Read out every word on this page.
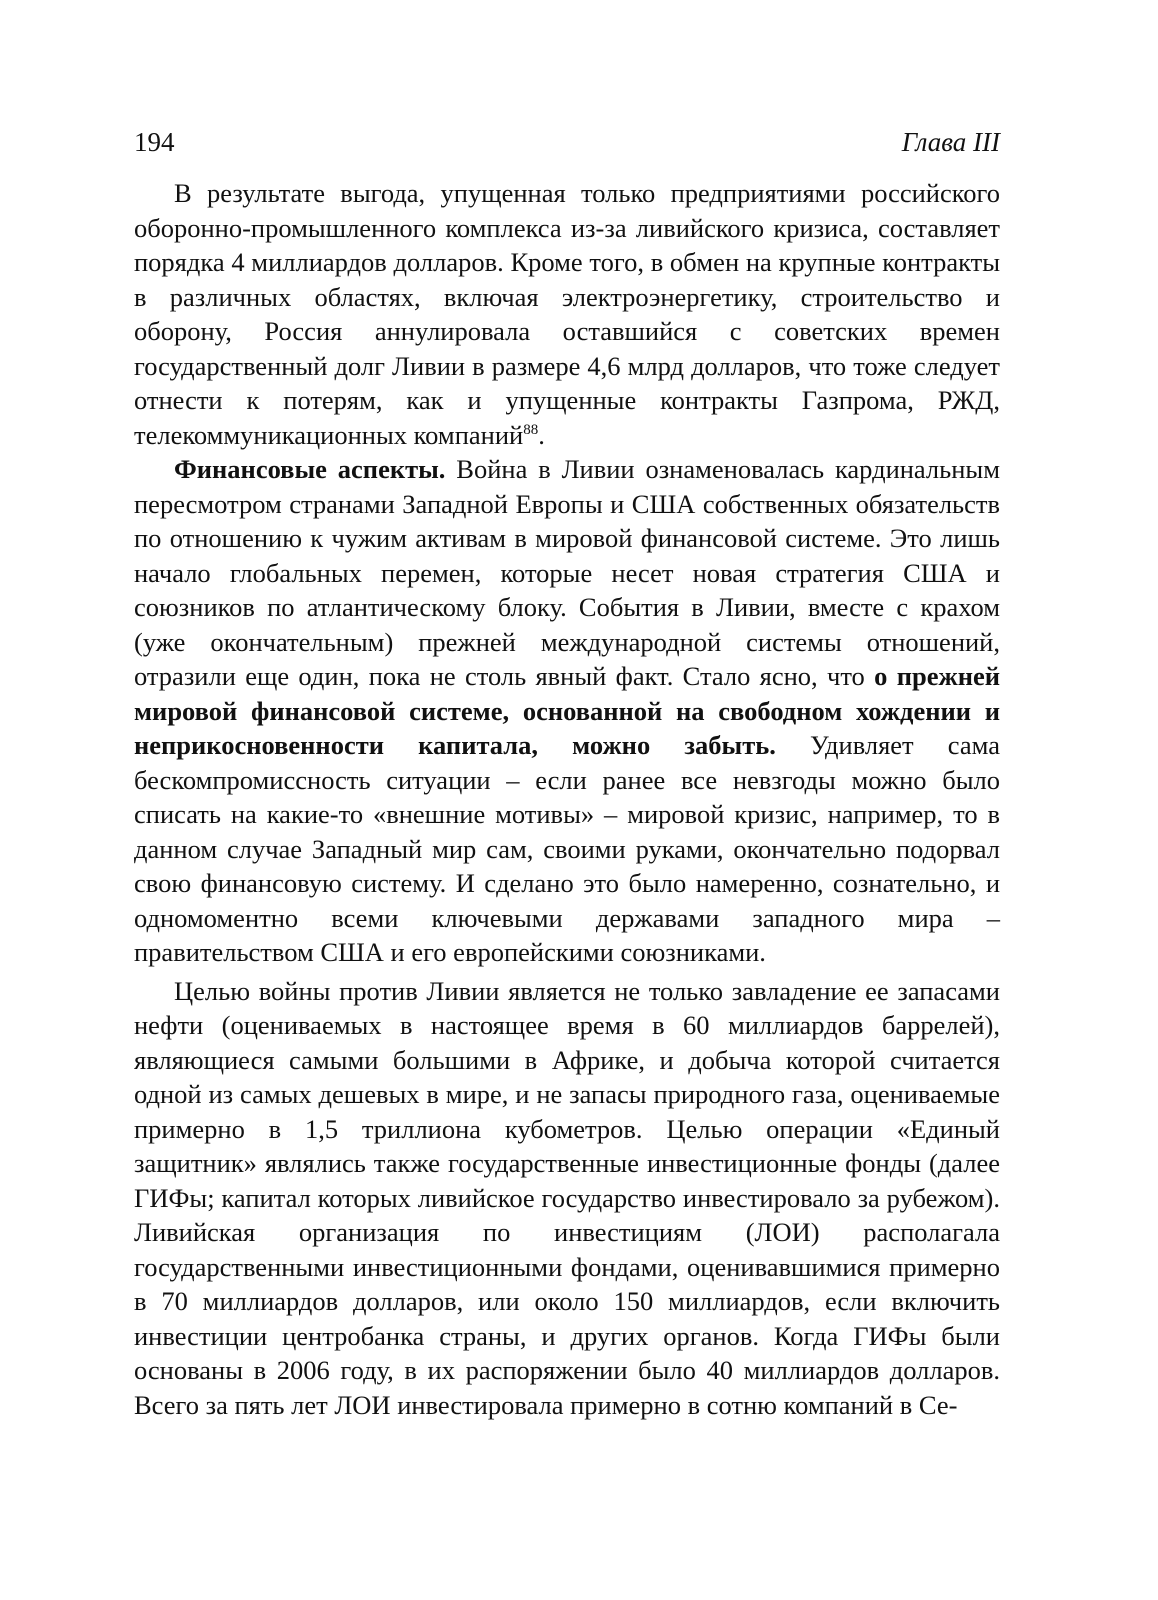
194	Глава III

В результате выгода, упущенная только предприятиями российского оборонно-промышленного комплекса из-за ливийского кризиса, составляет порядка 4 миллиардов долларов. Кроме того, в обмен на крупные контракты в различных областях, включая электроэнергетику, строительство и оборону, Россия аннулировала оставшийся с советских времен государственный долг Ливии в размере 4,6 млрд долларов, что тоже следует отнести к потерям, как и упущенные контракты Газпрома, РЖД, телекоммуникационных компаний$^{88}$.

Финансовые аспекты. Война в Ливии ознаменовалась кардинальным пересмотром странами Западной Европы и США собственных обязательств по отношению к чужим активам в мировой финансовой системе. Это лишь начало глобальных перемен, которые несет новая стратегия США и союзников по атлантическому блоку. События в Ливии, вместе с крахом (уже окончательным) прежней международной системы отношений, отразили еще один, пока не столь явный факт. Стало ясно, что о прежней мировой финансовой системе, основанной на свободном хождении и неприкосновенности капитала, можно забыть. Удивляет сама бескомпромиссность ситуации – если ранее все невзгоды можно было списать на какие-то «внешние мотивы» – мировой кризис, например, то в данном случае Западный мир сам, своими руками, окончательно подорвал свою финансовую систему. И сделано это было намеренно, сознательно, и одномоментно всеми ключевыми державами западного мира – правительством США и его европейскими союзниками.

Целью войны против Ливии является не только завладение ее запасами нефти (оцениваемых в настоящее время в 60 миллиардов баррелей), являющиеся самыми большими в Африке, и добыча которой считается одной из самых дешевых в мире, и не запасы природного газа, оцениваемые примерно в 1,5 триллиона кубометров. Целью операции «Единый защитник» являлись также государственные инвестиционные фонды (далее ГИФы; капитал которых ливийское государство инвестировало за рубежом). Ливийская организация по инвестициям (ЛОИ) располагала государственными инвестиционными фондами, оценивавшимися примерно в 70 миллиардов долларов, или около 150 миллиардов, если включить инвестиции центробанка страны, и других органов. Когда ГИФы были основаны в 2006 году, в их распоряжении было 40 миллиардов долларов. Всего за пять лет ЛОИ инвестировала примерно в сотню компаний в Се-
